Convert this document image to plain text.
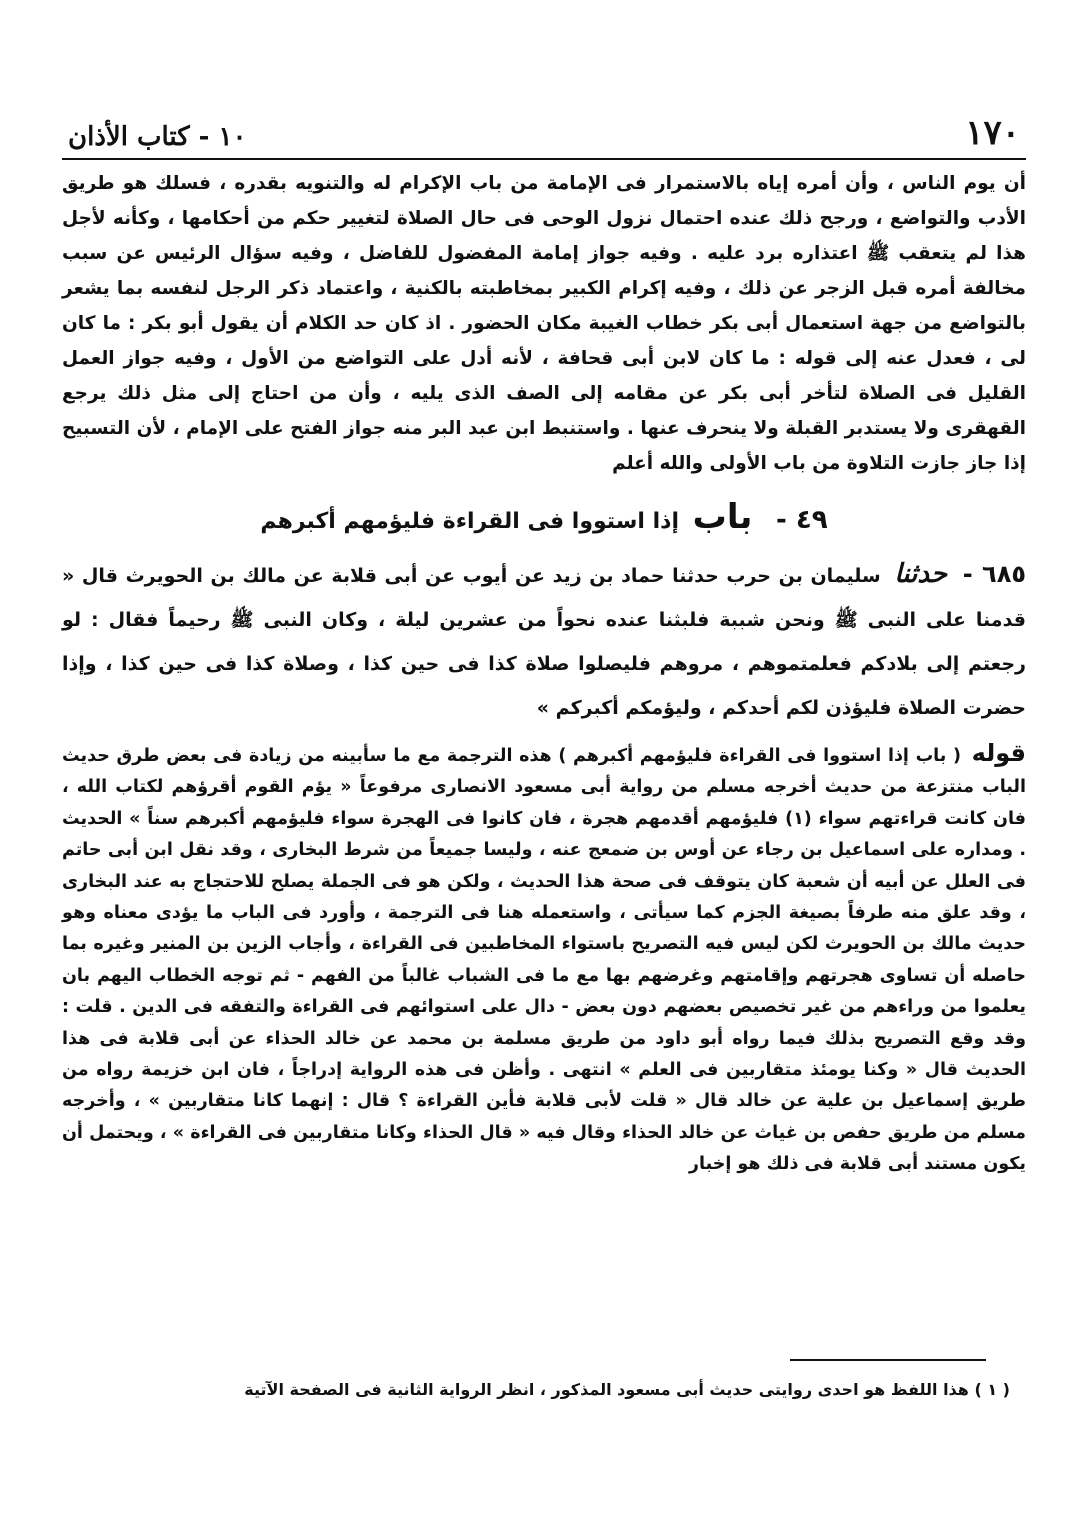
١٧٠
١٠ - كتاب الأذان

أن يوم الناس ، وأن أمره إياه بالاستمرار فى الإمامة من باب الإكرام له والتنويه بقدره ، فسلك هو طريق الأدب والتواضع ، ورجح ذلك عنده احتمال نزول الوحى فى حال الصلاة لتغيير حكم من أحكامها ، وكأنه لأجل هذا لم يتعقب ﷺ اعتذاره برد عليه . وفيه جواز إمامة المفضول للفاضل ، وفيه سؤال الرئيس عن سبب مخالفة أمره قبل الزجر عن ذلك ، وفيه إكرام الكبير بمخاطبته بالكنية ، واعتماد ذكر الرجل لنفسه بما يشعر بالتواضع من جهة استعمال أبى بكر خطاب الغيبة مكان الحضور . اذ كان حد الكلام أن يقول أبو بكر : ما كان لى ، فعدل عنه إلى قوله : ما كان لابن أبى قحافة ، لأنه أدل على التواضع من الأول ، وفيه جواز العمل القليل فى الصلاة لتأخر أبى بكر عن مقامه إلى الصف الذى يليه ، وأن من احتاج إلى مثل ذلك يرجع القهقرى ولا يستدبر القبلة ولا ينحرف عنها . واستنبط ابن عبد البر منه جواز الفتح على الإمام ، لأن التسبيح إذا جاز جازت التلاوة من باب الأولى والله أعلم

٤٩ - باب إذا استووا فى القراءة فليؤمهم أكبرهم

٦٨٥ - حدثنا سليمان بن حرب حدثنا حماد بن زيد عن أيوب عن أبى قلابة عن مالك بن الحويرث قال « قدمنا على النبى ﷺ ونحن شببة فلبثنا عنده نحواً من عشرين ليلة ، وكان النبى ﷺ رحيماً فقال : لو رجعتم إلى بلادكم فعلمتموهم ، مروهم فليصلوا صلاة كذا فى حين كذا ، وصلاة كذا فى حين كذا ، وإذا حضرت الصلاة فليؤذن لكم أحدكم ، وليؤمكم أكبركم »

قوله ( باب إذا استووا فى القراءة فليؤمهم أكبرهم ) هذه الترجمة مع ما سأبينه من زيادة فى بعض طرق حديث الباب منتزعة من حديث أخرجه مسلم من رواية أبى مسعود الانصارى مرفوعاً « يؤم القوم أقرؤهم لكتاب الله ، فان كانت قراءتهم سواء (١) فليؤمهم أقدمهم هجرة ، فان كانوا فى الهجرة سواء فليؤمهم أكبرهم سناً » الحديث . ومداره على اسماعيل بن رجاء عن أوس بن ضمعج عنه ، وليسا جميعاً من شرط البخارى ، وقد نقل ابن أبى حاتم فى العلل عن أبيه أن شعبة كان يتوقف فى صحة هذا الحديث ، ولكن هو فى الجملة يصلح للاحتجاج به عند البخارى ، وقد علق منه طرفاً بصيغة الجزم كما سيأتى ، واستعمله هنا فى الترجمة ، وأورد فى الباب ما يؤدى معناه وهو حديث مالك بن الحويرث لكن ليس فيه التصريح باستواء المخاطبين فى القراءة ، وأجاب الزين بن المنير وغيره بما حاصله أن تساوى هجرتهم وإقامتهم وغرضهم بها مع ما فى الشباب غالباً من الفهم - ثم توجه الخطاب اليهم بان يعلموا من وراءهم من غير تخصيص بعضهم دون بعض - دال على استوائهم فى القراءة والتفقه فى الدين . قلت : وقد وقع التصريح بذلك فيما رواه أبو داود من طريق مسلمة بن محمد عن خالد الحذاء عن أبى قلابة فى هذا الحديث قال « وكنا يومئذ متقاربين فى العلم » انتهى . وأظن فى هذه الرواية إدراجاً ، فان ابن خزيمة رواه من طريق إسماعيل بن علية عن خالد قال « قلت لأبى قلابة فأين القراءة ؟ قال : إنهما كانا متقاربين » ، وأخرجه مسلم من طريق حفص بن غياث عن خالد الحذاء وقال فيه « قال الحذاء وكانا متقاربين فى القراءة » ، ويحتمل أن يكون مستند أبى قلابة فى ذلك هو إخبار

( ١ ) هذا اللفظ هو احدى روايتى حديث أبى مسعود المذكور ، انظر الرواية الثانية فى الصفحة الآتية
